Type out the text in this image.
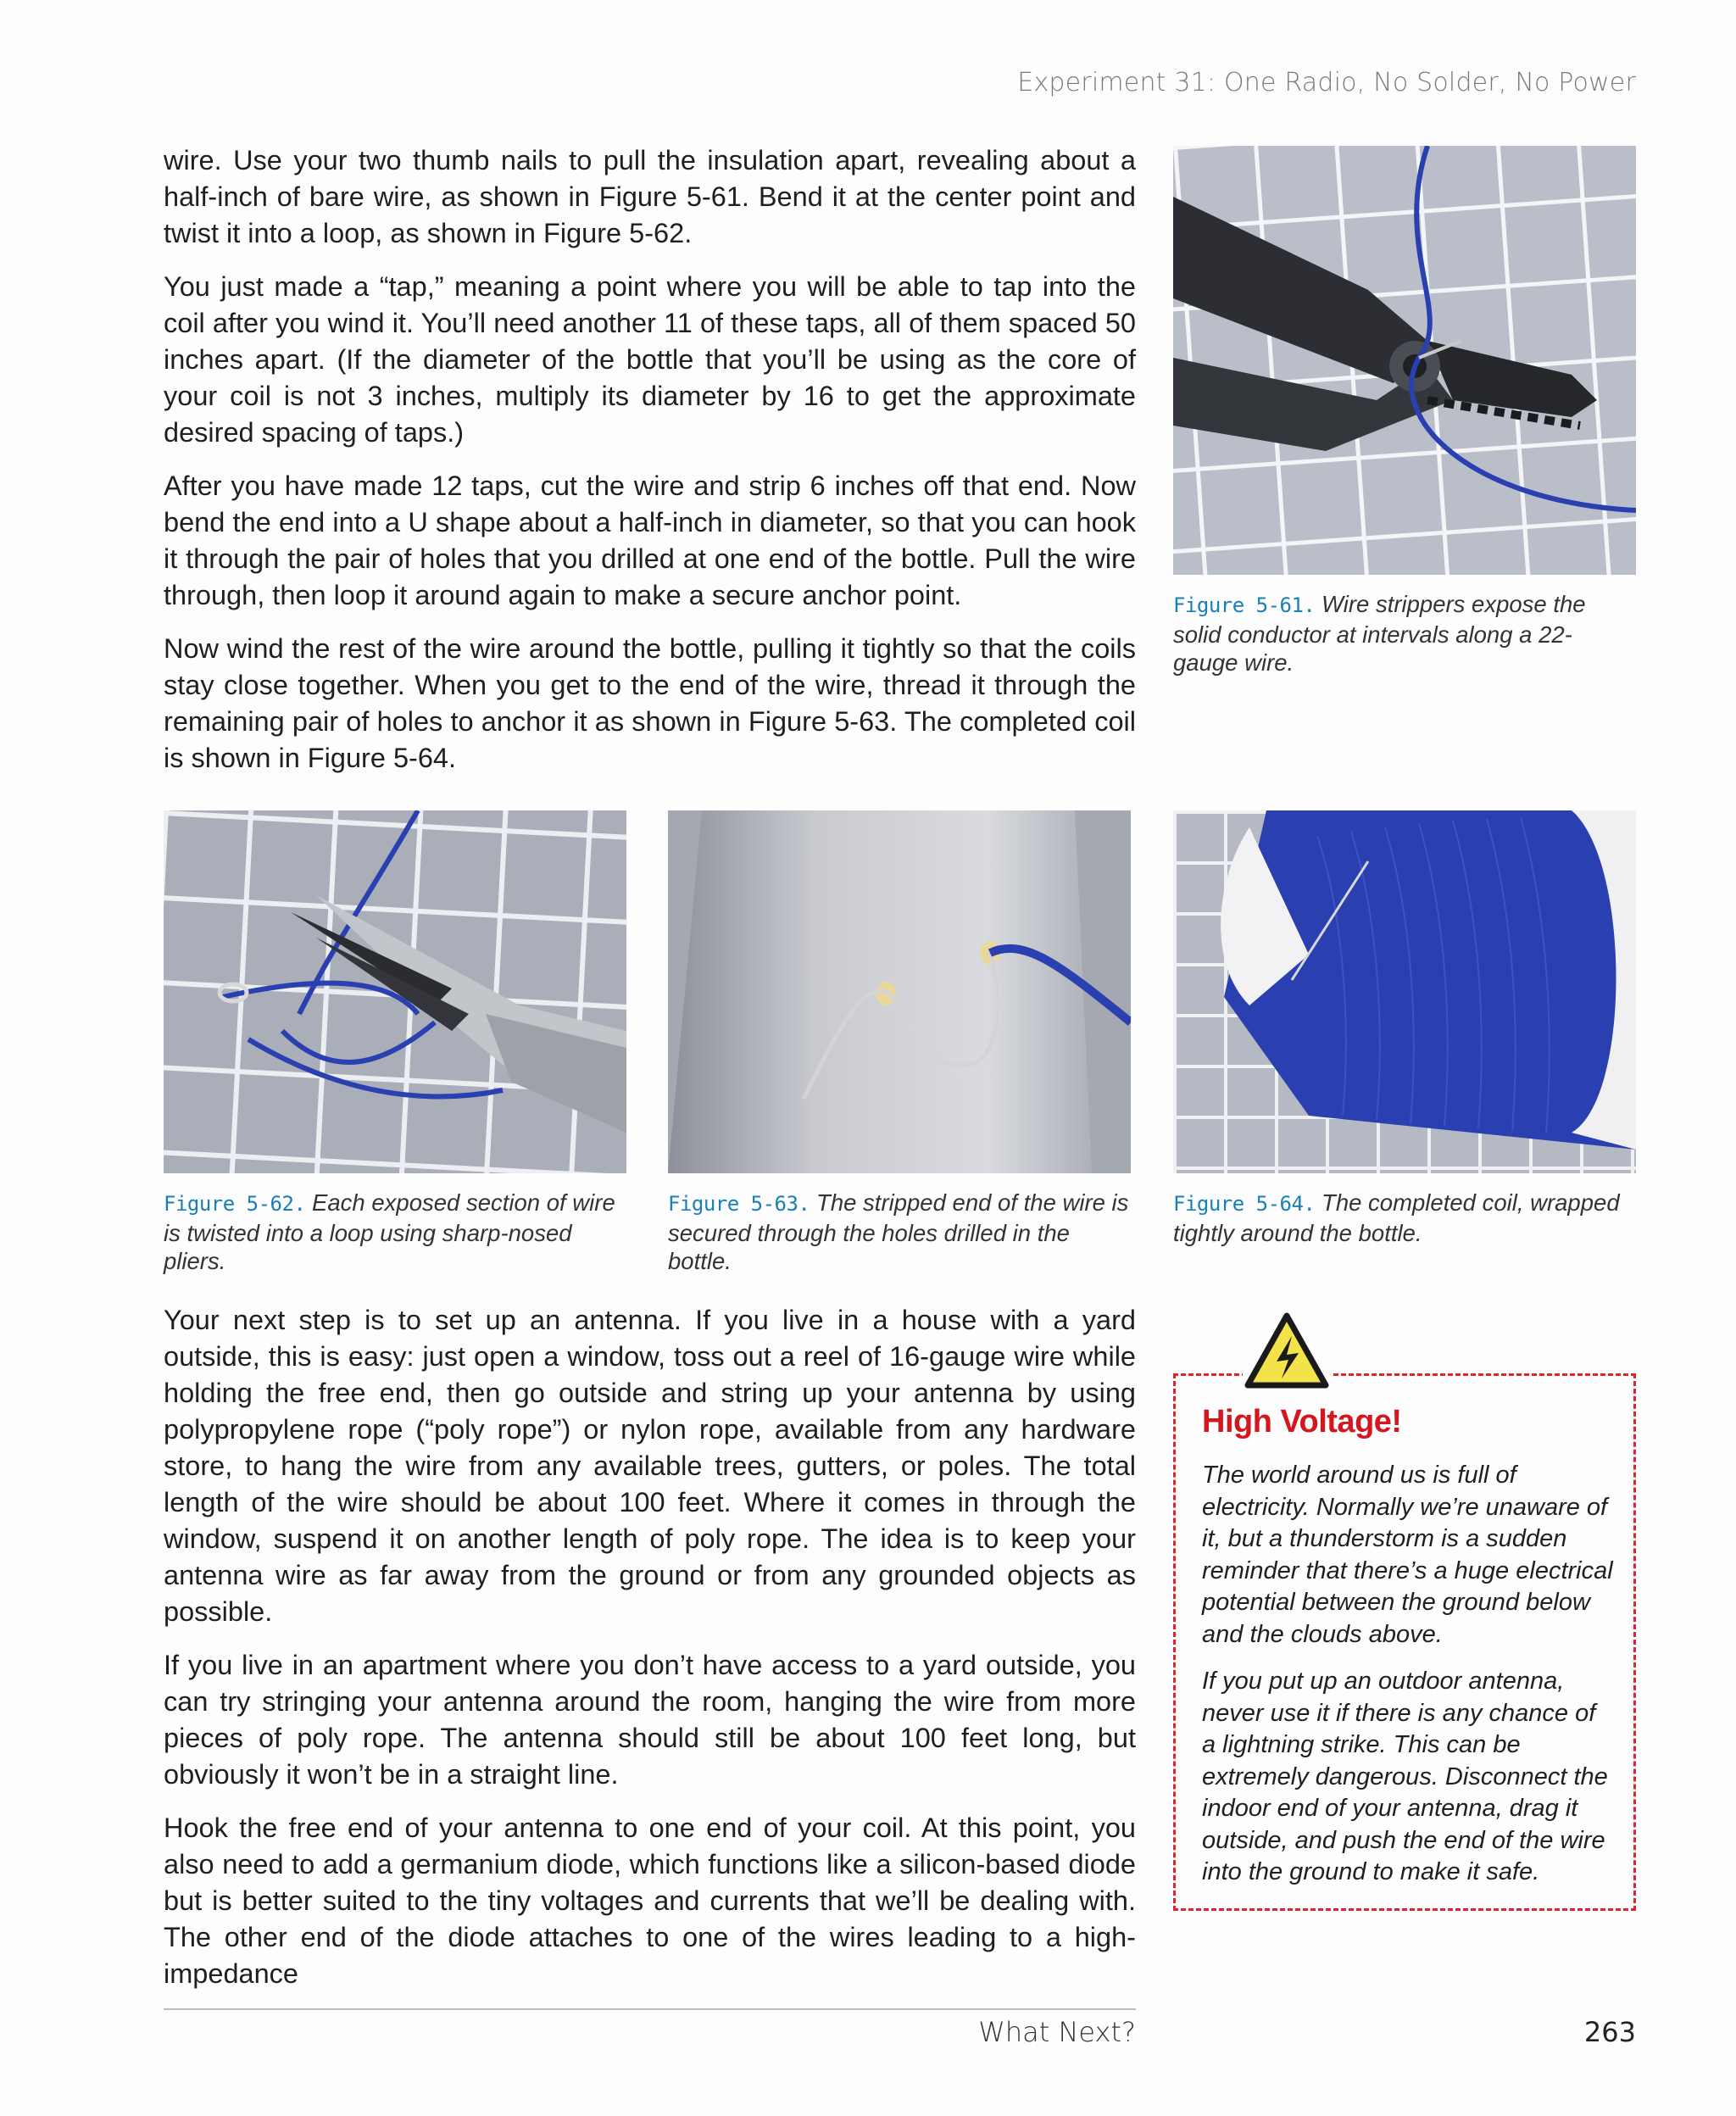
Experiment 31: One Radio, No Solder, No Power

wire. Use your two thumb nails to pull the insulation apart, revealing about a half-inch of bare wire, as shown in Figure 5-61. Bend it at the center point and twist it into a loop, as shown in Figure 5-62.

You just made a “tap,” meaning a point where you will be able to tap into the coil after you wind it. You’ll need another 11 of these taps, all of them spaced 50 inches apart. (If the diameter of the bottle that you’ll be using as the core of your coil is not 3 inches, multiply its diameter by 16 to get the approximate desired spacing of taps.)

After you have made 12 taps, cut the wire and strip 6 inches off that end. Now bend the end into a U shape about a half-inch in diameter, so that you can hook it through the pair of holes that you drilled at one end of the bottle. Pull the wire through, then loop it around again to make a secure anchor point.

Now wind the rest of the wire around the bottle, pulling it tightly so that the coils stay close together. When you get to the end of the wire, thread it through the remaining pair of holes to anchor it as shown in Figure 5-63. The completed coil is shown in Figure 5-64.

Figure 5-61. Wire strippers expose the solid conductor at intervals along a 22-gauge wire.
Figure 5-62. Each exposed section of wire is twisted into a loop using sharp-nosed pliers.
Figure 5-63. The stripped end of the wire is secured through the holes drilled in the bottle.
Figure 5-64. The completed coil, wrapped tightly around the bottle.

Your next step is to set up an antenna. If you live in a house with a yard outside, this is easy: just open a window, toss out a reel of 16-gauge wire while holding the free end, then go outside and string up your antenna by using polypropylene rope (“poly rope”) or nylon rope, available from any hardware store, to hang the wire from any available trees, gutters, or poles. The total length of the wire should be about 100 feet. Where it comes in through the window, suspend it on another length of poly rope. The idea is to keep your antenna wire as far away from the ground or from any grounded objects as possible.

If you live in an apartment where you don’t have access to a yard outside, you can try stringing your antenna around the room, hanging the wire from more pieces of poly rope. The antenna should still be about 100 feet long, but obviously it won’t be in a straight line.

Hook the free end of your antenna to one end of your coil. At this point, you also need to add a germanium diode, which functions like a silicon-based diode but is better suited to the tiny voltages and currents that we’ll be dealing with. The other end of the diode attaches to one of the wires leading to a high-impedance

High Voltage!

The world around us is full of electricity. Normally we’re unaware of it, but a thunderstorm is a sudden reminder that there’s a huge electrical potential between the ground below and the clouds above.

If you put up an outdoor antenna, never use it if there is any chance of a lightning strike. This can be extremely dangerous. Disconnect the indoor end of your antenna, drag it outside, and push the end of the wire into the ground to make it safe.

What Next?	263
